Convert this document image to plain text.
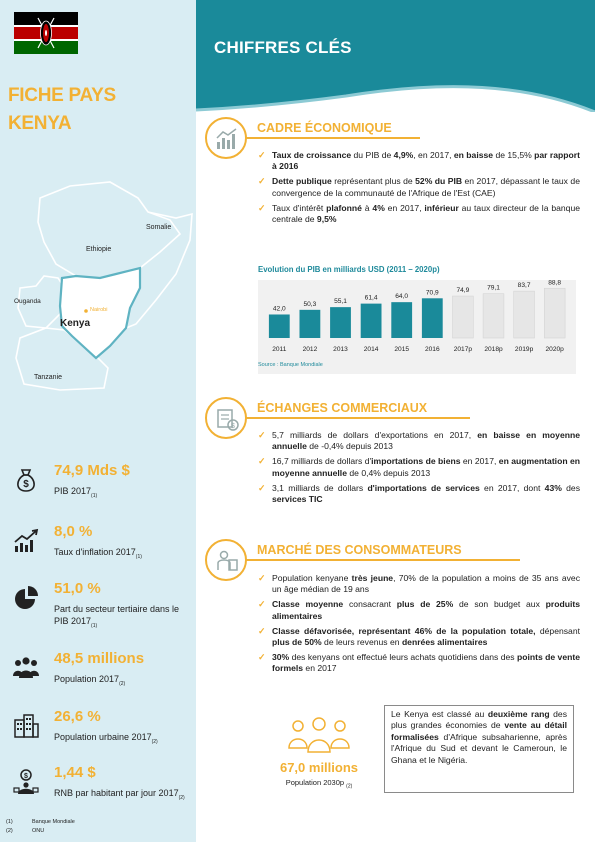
FICHE PAYS
KENYA
Ethiopie
Somalie
Ouganda
Nairobi
Kenya
Tanzanie
$
74,9 Mds $
PIB $2017_{(1)}$
8,0 %
Taux d'inflation $2017_{(1)}$
51,0 %
Part du secteur tertiaire dans le PIB $2017_{(1)}$
48,5 millions
Population $2017_{(2)}$
26,6 %
Population urbaine $2017_{(2)}$
$ 1,44 $
RNB par habitant par jour $2017_{(2)}$
(1)	Banque Mondiale
(2)	ONU
CHIFFRES CLÉS
CADRE ÉCONOMIQUE
✓ Taux de croissance du PIB de 4,9%, en 2017, en baisse de 15,5% par rapport à 2016
✓ Dette publique représentant plus de 52% du PIB en 2017, dépassant le taux de convergence de la communauté de l'Afrique de l'Est (CAE)
✓ Taux d'intérêt plafonné à 4% en 2017, inférieur au taux directeur de la banque centrale de 9,5%
Evolution du PIB en milliards USD (2011 – 2020p)
42,0
2011
50,3
2012
55,1
2013
61,4
2014
64,0
2015
70,9
2016
74,9
2017p
79,1
2018p
83,7
2019p
88,8
2020p
Source : Banque Mondiale
$
ÉCHANGES COMMERCIAUX
✓ 5,7 milliards de dollars d'exportations en 2017, en baisse en moyenne annuelle de -0,4% depuis 2013
✓ 16,7 milliards de dollars d'importations de biens en 2017, en augmentation en moyenne annuelle de 0,4% depuis 2013
✓ 3,1 milliards de dollars d'importations de services en 2017, dont 43% des services TIC
MARCHÉ DES CONSOMMATEURS
✓ Population kenyane très jeune, 70% de la population a moins de 35 ans avec un âge médian de 19 ans
✓ Classe moyenne consacrant plus de 25% de son budget aux produits alimentaires
✓ Classe défavorisée, représentant 46% de la population totale, dépensant plus de 50% de leurs revenus en denrées alimentaires
✓ 30% des kenyans ont effectué leurs achats quotidiens dans des points de vente formels en 2017
67,0 millions
Population 2030p $_{(2)}$
Le Kenya est classé au deuxième rang des plus grandes économies de vente au détail formalisées d'Afrique subsaharienne, après l'Afrique du Sud et devant le Cameroun, le Ghana et le Nigéria.
